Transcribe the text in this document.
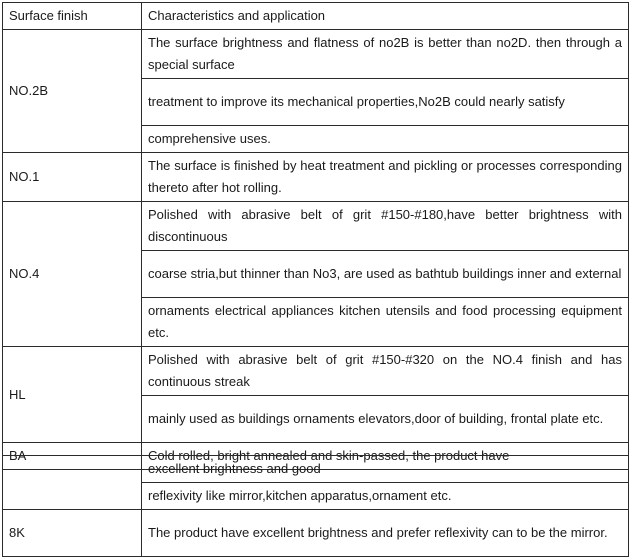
Surface finish	Characteristics and application
NO.2B	The surface brightness and flatness of no2B is better than no2D. then through a special surface
	treatment to improve its mechanical properties,No2B could nearly satisfy
	comprehensive uses.
NO.1	The surface is finished by heat treatment and pickling or processes corresponding thereto after hot rolling.
NO.4	Polished with abrasive belt of grit #150-#180,have better brightness with discontinuous
	coarse stria,but thinner than No3, are used as bathtub buildings inner and external
	ornaments electrical appliances kitchen utensils and food processing equipment etc.
HL	Polished with abrasive belt of grit #150-#320 on the NO.4 finish and has continuous streak
	mainly used as buildings ornaments elevators,door of building, frontal plate etc.
BA	Cold rolled, bright annealed and skin-passed, the product have
	excellent brightness and good
	reflexivity like mirror,kitchen apparatus,ornament etc.
8K	The product have excellent brightness and prefer reflexivity can to be the mirror.
